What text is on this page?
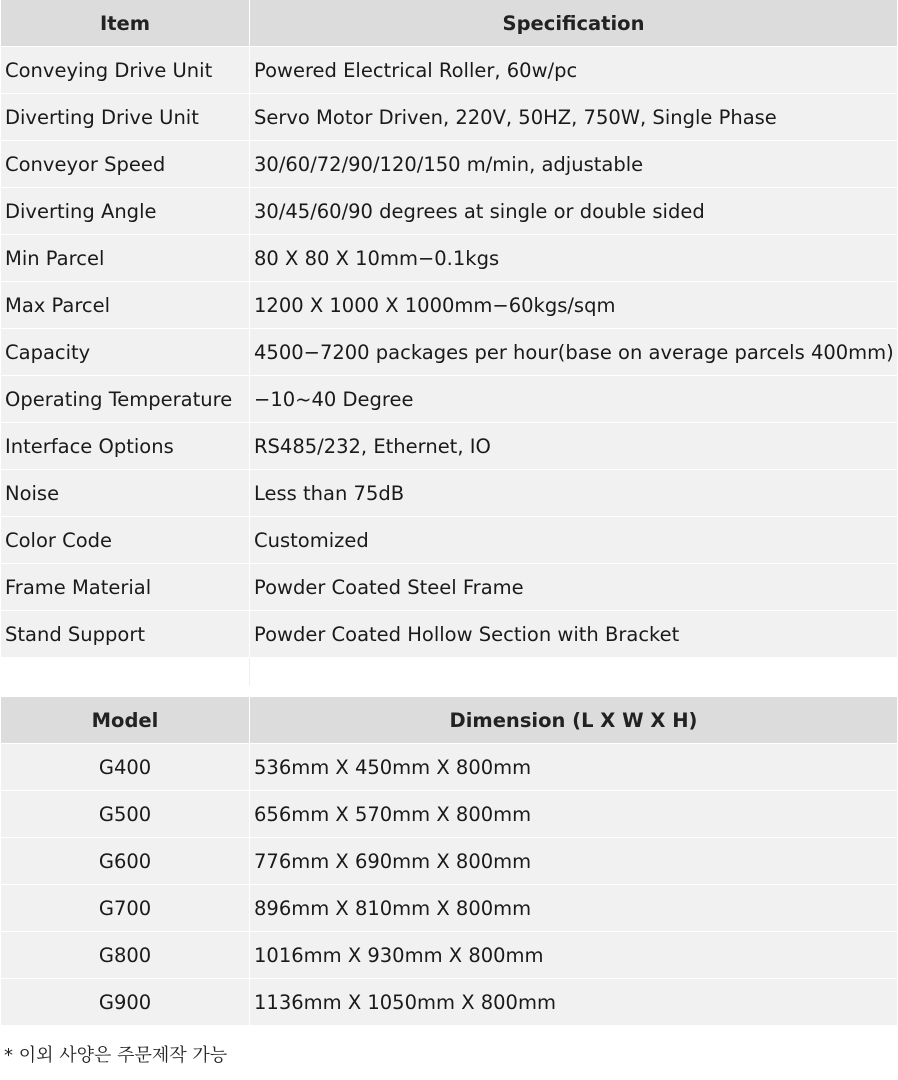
Item	Specification
Conveying Drive Unit	Powered Electrical Roller, 60w/pc
Diverting Drive Unit	Servo Motor Driven, 220V, 50HZ, 750W, Single Phase
Conveyor Speed	30/60/72/90/120/150 m/min, adjustable
Diverting Angle	30/45/60/90 degrees at single or double sided
Min Parcel	80 X 80 X 10mm−0.1kgs
Max Parcel	1200 X 1000 X 1000mm−60kgs/sqm
Capacity	4500−7200 packages per hour(base on average parcels 400mm)
Operating Temperature	−10~40 Degree
Interface Options	RS485/232, Ethernet, IO
Noise	Less than 75dB
Color Code	Customized
Frame Material	Powder Coated Steel Frame
Stand Support	Powder Coated Hollow Section with Bracket

Model	Dimension (L X W X H)
G400	536mm X 450mm X 800mm
G500	656mm X 570mm X 800mm
G600	776mm X 690mm X 800mm
G700	896mm X 810mm X 800mm
G800	1016mm X 930mm X 800mm
G900	1136mm X 1050mm X 800mm
* 이외 사양은 주문제작 가능
